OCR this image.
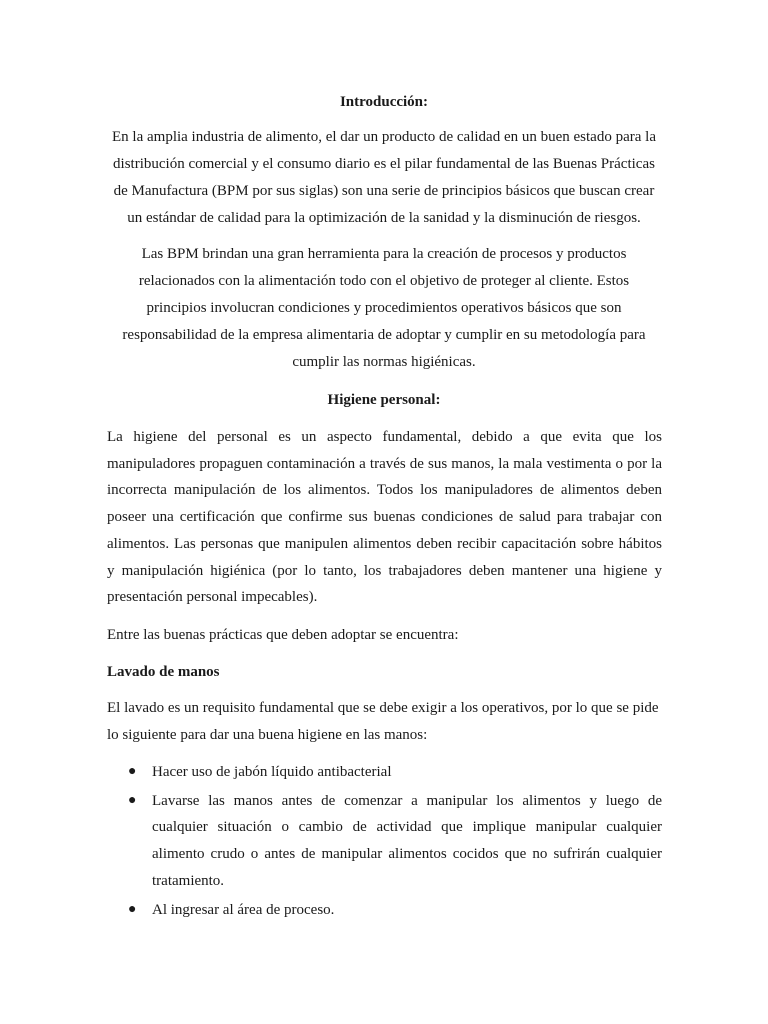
Introducción:

En la amplia industria de alimento, el dar un producto de calidad en un buen estado para la
distribución comercial y el consumo diario es el pilar fundamental de las Buenas Prácticas
de Manufactura (BPM por sus siglas) son una serie de principios básicos que buscan crear
un estándar de calidad para la optimización de la sanidad y la disminución de riesgos.

Las BPM brindan una gran herramienta para la creación de procesos y productos
relacionados con la alimentación todo con el objetivo de proteger al cliente. Estos
principios involucran condiciones y procedimientos operativos básicos que son
responsabilidad de la empresa alimentaria de adoptar y cumplir en su metodología para
cumplir las normas higiénicas.

Higiene personal:

La higiene del personal es un aspecto fundamental, debido a que evita que los
manipuladores propaguen contaminación a través de sus manos, la mala vestimenta o por la
incorrecta manipulación de los alimentos. Todos los manipuladores de alimentos deben
poseer una certificación que confirme sus buenas condiciones de salud para trabajar con
alimentos. Las personas que manipulen alimentos deben recibir capacitación sobre hábitos
y manipulación higiénica (por lo tanto, los trabajadores deben mantener una higiene y
presentación personal impecables).

Entre las buenas prácticas que deben adoptar se encuentra:

Lavado de manos

El lavado es un requisito fundamental que se debe exigir a los operativos, por lo que se pide
lo siguiente para dar una buena higiene en las manos:

● Hacer uso de jabón líquido antibacterial
● Lavarse las manos antes de comenzar a manipular los alimentos y luego de
cualquier situación o cambio de actividad que implique manipular cualquier
alimento crudo o antes de manipular alimentos cocidos que no sufrirán cualquier
tratamiento.
● Al ingresar al área de proceso.
